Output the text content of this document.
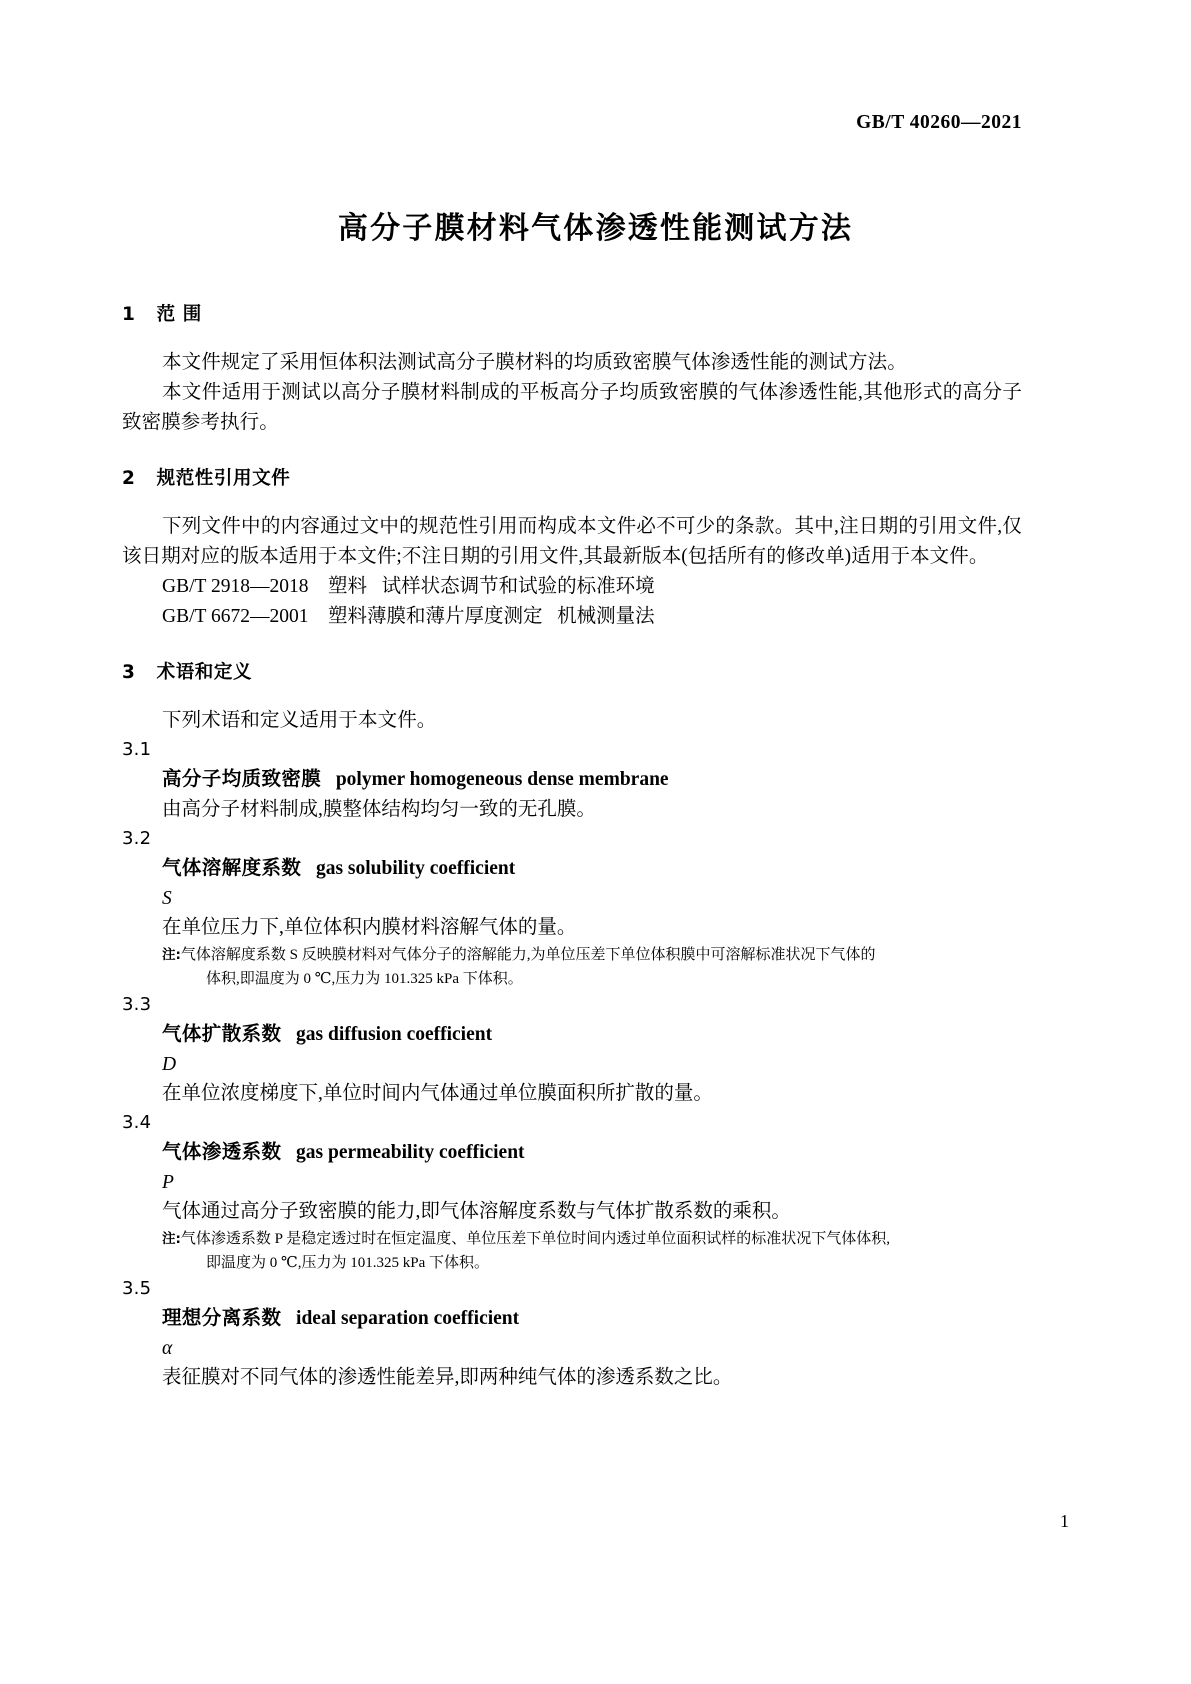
GB/T 40260—2021
高分子膜材料气体渗透性能测试方法
1 范 围
本文件规定了采用恒体积法测试高分子膜材料的均质致密膜气体渗透性能的测试方法。
本文件适用于测试以高分子膜材料制成的平板高分子均质致密膜的气体渗透性能,其他形式的高分子致密膜参考执行。
2 规范性引用文件
下列文件中的内容通过文中的规范性引用而构成本文件必不可少的条款。其中,注日期的引用文件,仅该日期对应的版本适用于本文件;不注日期的引用文件,其最新版本(包括所有的修改单)适用于本文件。
GB/T 2918—2018    塑料   试样状态调节和试验的标准环境
GB/T 6672—2001    塑料薄膜和薄片厚度测定   机械测量法
3 术语和定义
下列术语和定义适用于本文件。
3.1
高分子均质致密膜 polymer homogeneous dense membrane
由高分子材料制成,膜整体结构均匀一致的无孔膜。
3.2
气体溶解度系数 gas solubility coefficient
S
在单位压力下,单位体积内膜材料溶解气体的量。
注:气体溶解度系数 S 反映膜材料对气体分子的溶解能力,为单位压差下单位体积膜中可溶解标准状况下气体的
体积,即温度为 0 ℃,压力为 101.325 kPa 下体积。
3.3
气体扩散系数 gas diffusion coefficient
D
在单位浓度梯度下,单位时间内气体通过单位膜面积所扩散的量。
3.4
气体渗透系数 gas permeability coefficient
P
气体通过高分子致密膜的能力,即气体溶解度系数与气体扩散系数的乘积。
注:气体渗透系数 P 是稳定透过时在恒定温度、单位压差下单位时间内透过单位面积试样的标准状况下气体体积,
即温度为 0 ℃,压力为 101.325 kPa 下体积。
3.5
理想分离系数 ideal separation coefficient
α
表征膜对不同气体的渗透性能差异,即两种纯气体的渗透系数之比。
1
